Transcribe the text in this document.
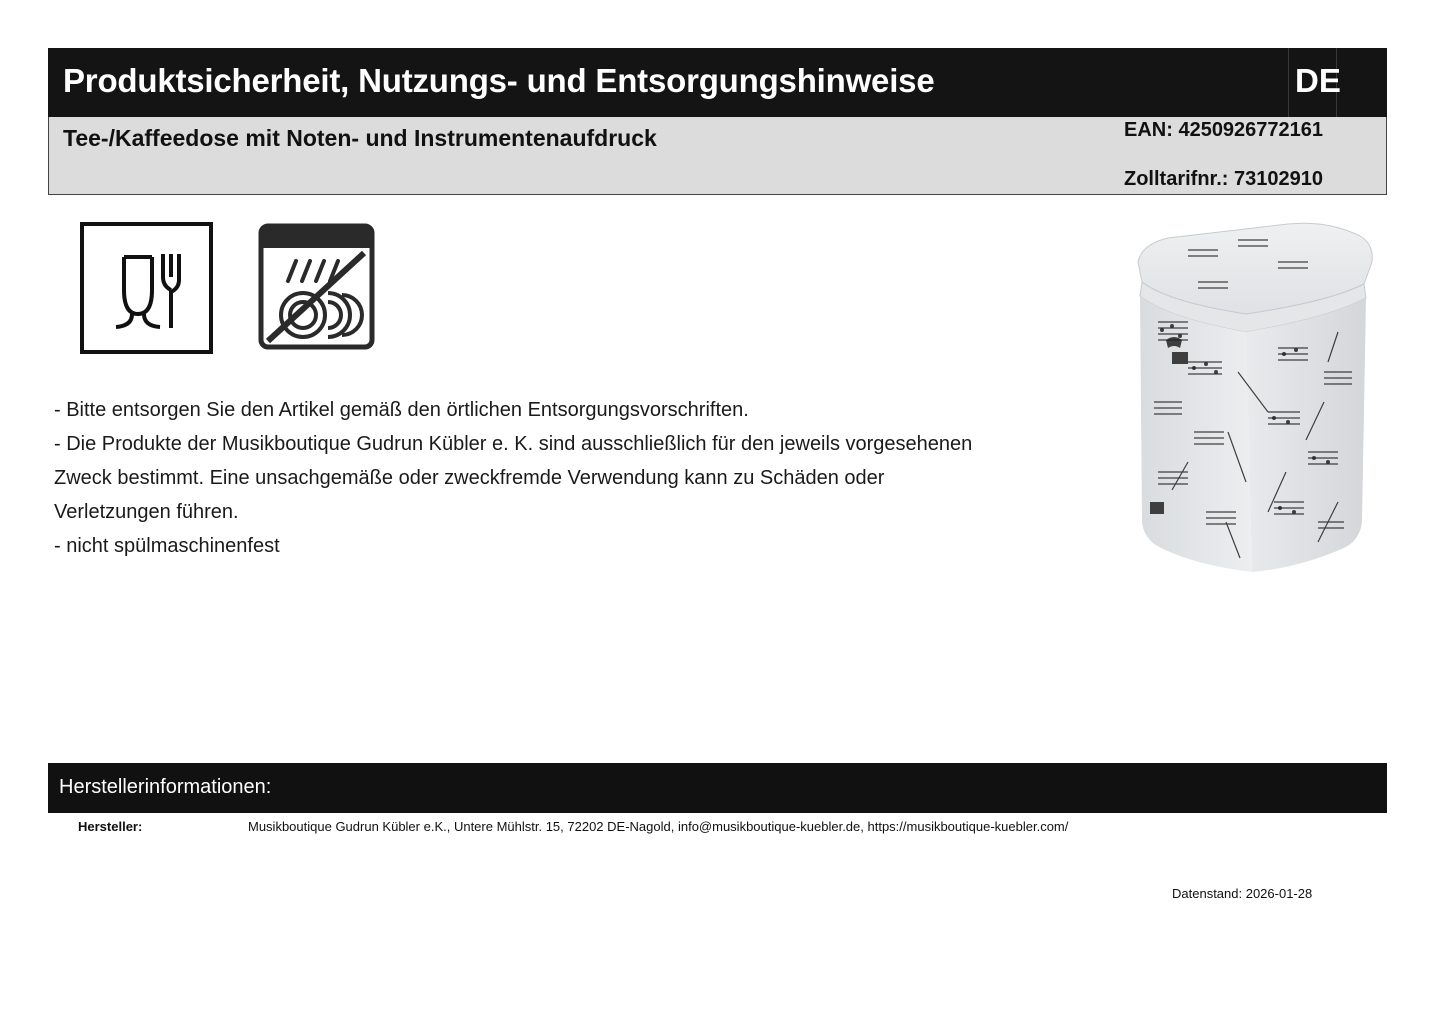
Produktsicherheit, Nutzungs- und Entsorgungshinweise	DE
Tee-/Kaffeedose mit Noten- und Instrumentenaufdruck	EAN: 4250926772161
Zolltarifnr.: 73102910

- Bitte entsorgen Sie den Artikel gemäß den örtlichen Entsorgungsvorschriften.

- Die Produkte der Musikboutique Gudrun Kübler e. K. sind ausschließlich für den jeweils vorgesehenen

Zweck bestimmt. Eine unsachgemäße oder zweckfremde Verwendung kann zu Schäden oder

Verletzungen führen.

- nicht spülmaschinenfest

Herstellerinformationen:
Hersteller:	Musikboutique Gudrun Kübler e.K., Untere Mühlstr. 15, 72202 DE-Nagold, info@musikboutique-kuebler.de, https://musikboutique-kuebler.com/
Datenstand: 2026-01-28
